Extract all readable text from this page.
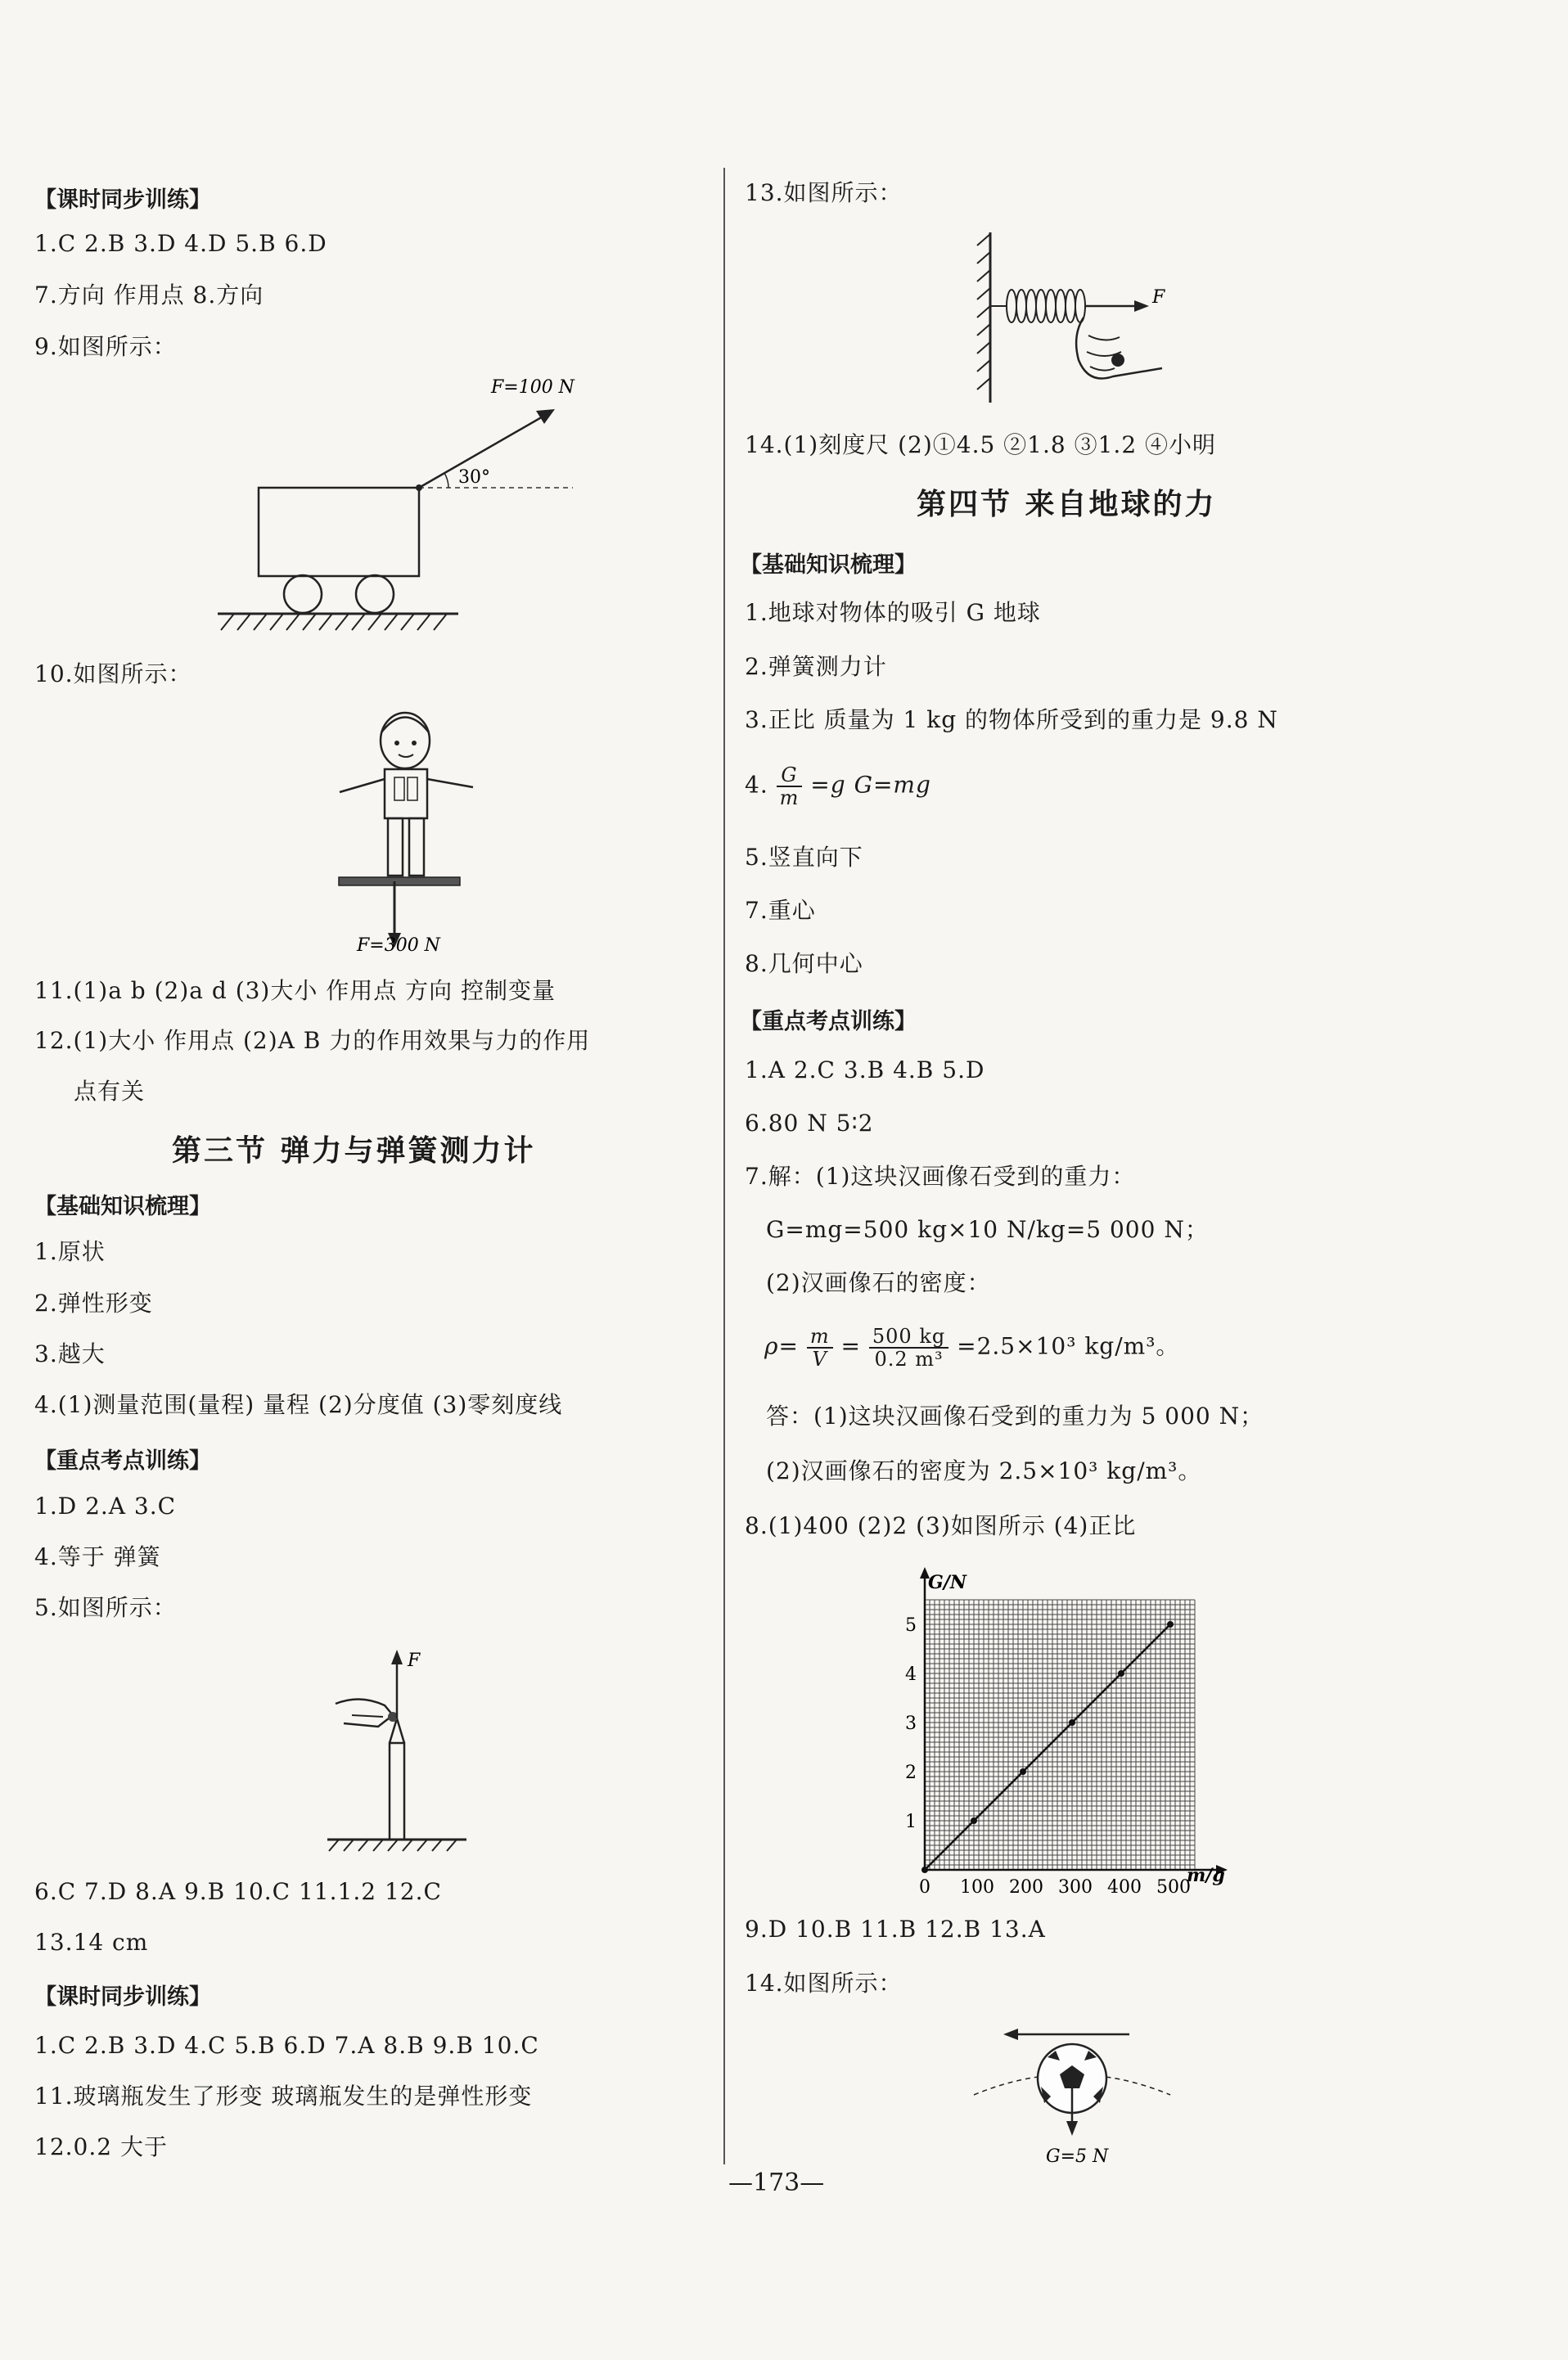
【课时同步训练】
1.C 2.B 3.D 4.D 5.B 6.D
7.方向 作用点 8.方向
9.如图所示：
30°
F=100 N
10.如图所示：
F=300 N
11.(1)a b (2)a d (3)大小 作用点 方向 控制变量
12.(1)大小 作用点 (2)A B 力的作用效果与力的作用
点有关
第三节 弹力与弹簧测力计
【基础知识梳理】
1.原状
2.弹性形变
3.越大
4.(1)测量范围(量程) 量程 (2)分度值 (3)零刻度线
【重点考点训练】
1.D 2.A 3.C
4.等于 弹簧
5.如图所示：
F
6.C 7.D 8.A 9.B 10.C 11.1.2 12.C
13.14 cm
【课时同步训练】
1.C 2.B 3.D 4.C 5.B 6.D 7.A 8.B 9.B 10.C
11.玻璃瓶发生了形变 玻璃瓶发生的是弹性形变
12.0.2 大于
13.如图所示：
F
14.(1)刻度尺 (2)①4.5 ②1.8 ③1.2 ④小明
第四节 来自地球的力
【基础知识梳理】
1.地球对物体的吸引 G 地球
2.弹簧测力计
3.正比 质量为 1 kg 的物体所受到的重力是 9.8 N
4. $\frac{G}{m} =g$ G=mg
5.竖直向下
7.重心
8.几何中心
【重点考点训练】
1.A 2.C 3.B 4.B 5.D
6.80 N 5∶2
7.解：(1)这块汉画像石受到的重力：
G=mg=500 kg×10 N/kg=5 000 N；
(2)汉画像石的密度：
$\rho= \frac{m}{V} = \frac{500 kg}{\text{0.2 m³}} =2.5\times 10^3$ kg/m³。
答：(1)这块汉画像石受到的重力为 5 000 N；
(2)汉画像石的密度为 2.5×10³ kg/m³。
8.(1)400 (2)2 (3)如图所示 (4)正比
0 100 200 300 400 500
1
2
3
4
5
G/N
m/g
9.D 10.B 11.B 12.B 13.A
14.如图所示：
G=5 N
—173—
